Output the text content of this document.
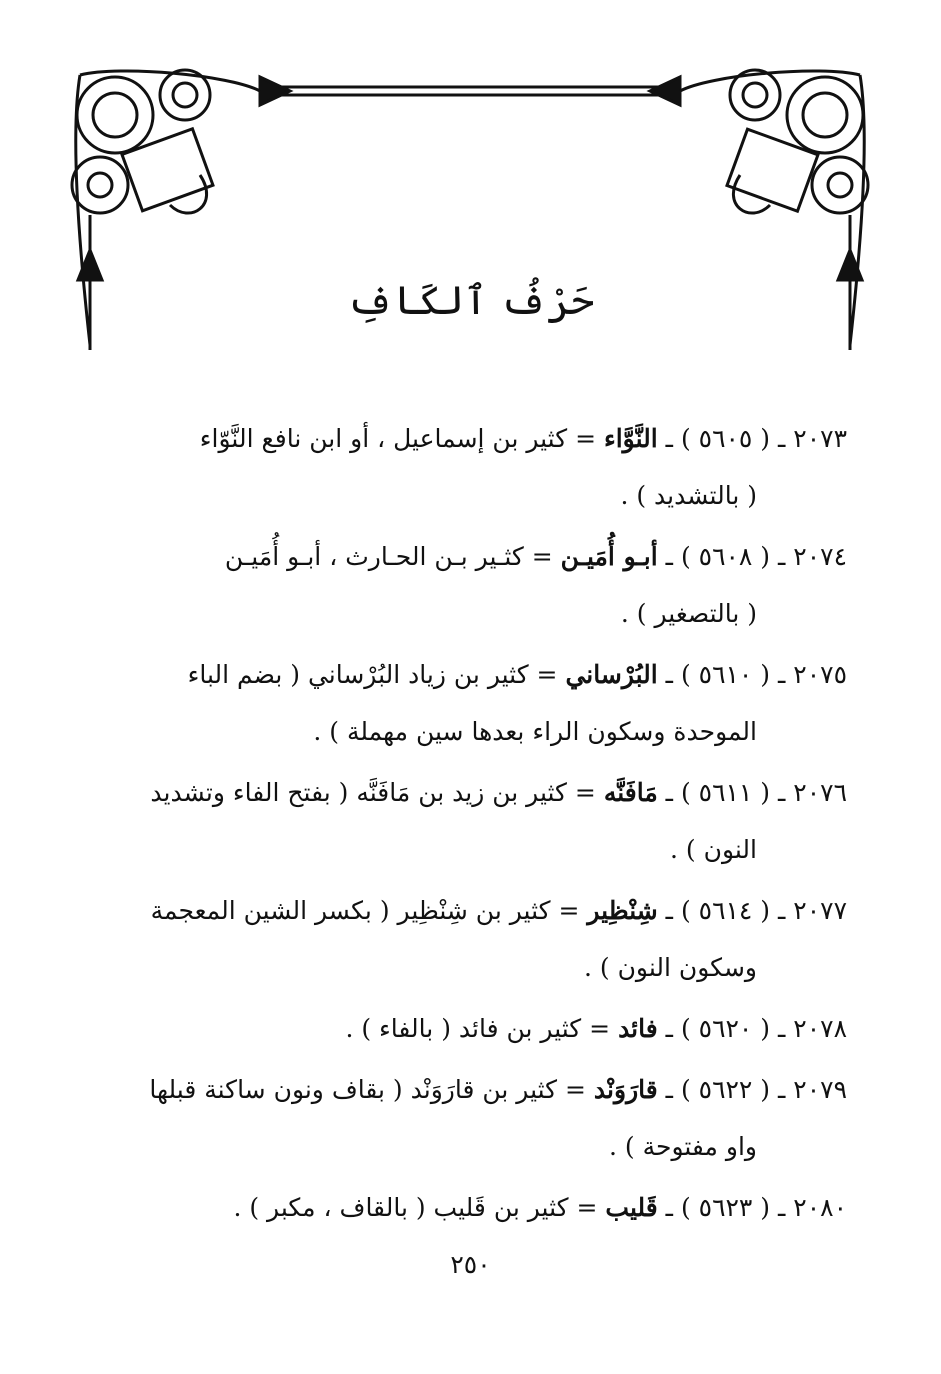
حَرْفُ ٱلكَافِ
٢٠٧٣ ـ ( ٥٦٠٥ ) ـ النَّوَّاء = كثير بن إسماعيل ، أو ابن نافع النَّوّاء
( بالتشديد ) .
٢٠٧٤ ـ ( ٥٦٠٨ ) ـ أبـو أُمَيـن = كثـير بـن الحـارث ، أبـو أُمَيـن
( بالتصغير ) .
٢٠٧٥ ـ ( ٥٦١٠ ) ـ البُرْساني = كثير بن زياد البُرْساني ( بضم الباء
الموحدة وسكون الراء بعدها سين مهملة ) .
٢٠٧٦ ـ ( ٥٦١١ ) ـ مَافَنَّه = كثير بن زيد بن مَافَنَّه ( بفتح الفاء وتشديد
النون ) .
٢٠٧٧ ـ ( ٥٦١٤ ) ـ شِنْظِير = كثير بن شِنْظِير ( بكسر الشين المعجمة
وسكون النون ) .
٢٠٧٨ ـ ( ٥٦٢٠ ) ـ فائد = كثير بن فائد ( بالفاء ) .
٢٠٧٩ ـ ( ٥٦٢٢ ) ـ قارَوَنْد = كثير بن قارَوَنْد ( بقاف ونون ساكنة قبلها
واو مفتوحة ) .
٢٠٨٠ ـ ( ٥٦٢٣ ) ـ قَليب = كثير بن قَليب ( بالقاف ، مكبر ) .
٢٥٠
